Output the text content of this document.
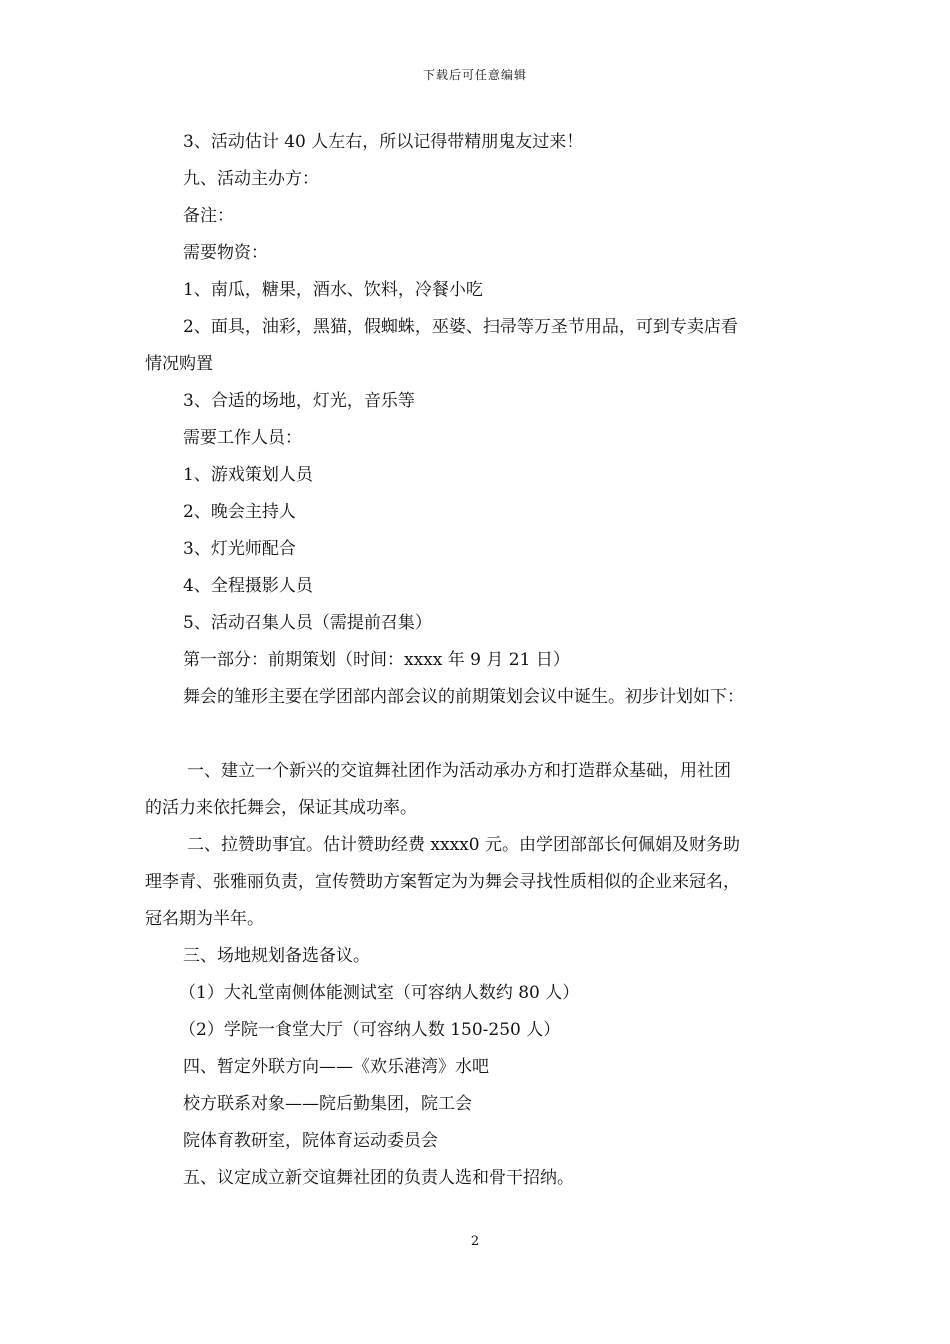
下载后可任意编辑
3、活动估计 40 人左右，所以记得带精朋鬼友过来！
九、活动主办方：
备注：
需要物资：
1、南瓜，糖果，酒水、饮料，冷餐小吃
2、面具，油彩，黑猫，假蜘蛛，巫婆、扫帚等万圣节用品，可到专卖店看
情况购置
3、合适的场地，灯光，音乐等
需要工作人员：
1、游戏策划人员
2、晚会主持人
3、灯光师配合
4、全程摄影人员
5、活动召集人员（需提前召集）
第一部分：前期策划（时间：xxxx 年 9 月 21 日）
舞会的雏形主要在学团部内部会议的前期策划会议中诞生。初步计划如下：
一、建立一个新兴的交谊舞社团作为活动承办方和打造群众基础，用社团
的活力来依托舞会，保证其成功率。
二、拉赞助事宜。估计赞助经费 xxxx0 元。由学团部部长何佩娟及财务助
理李青、张雅丽负责，宣传赞助方案暂定为为舞会寻找性质相似的企业来冠名，
冠名期为半年。
三、场地规划备选备议。
（1）大礼堂南侧体能测试室（可容纳人数约 80 人）
（2）学院一食堂大厅（可容纳人数 150-250 人）
四、暂定外联方向——《欢乐港湾》水吧
校方联系对象——院后勤集团，院工会
院体育教研室，院体育运动委员会
五、议定成立新交谊舞社团的负责人选和骨干招纳。
2
